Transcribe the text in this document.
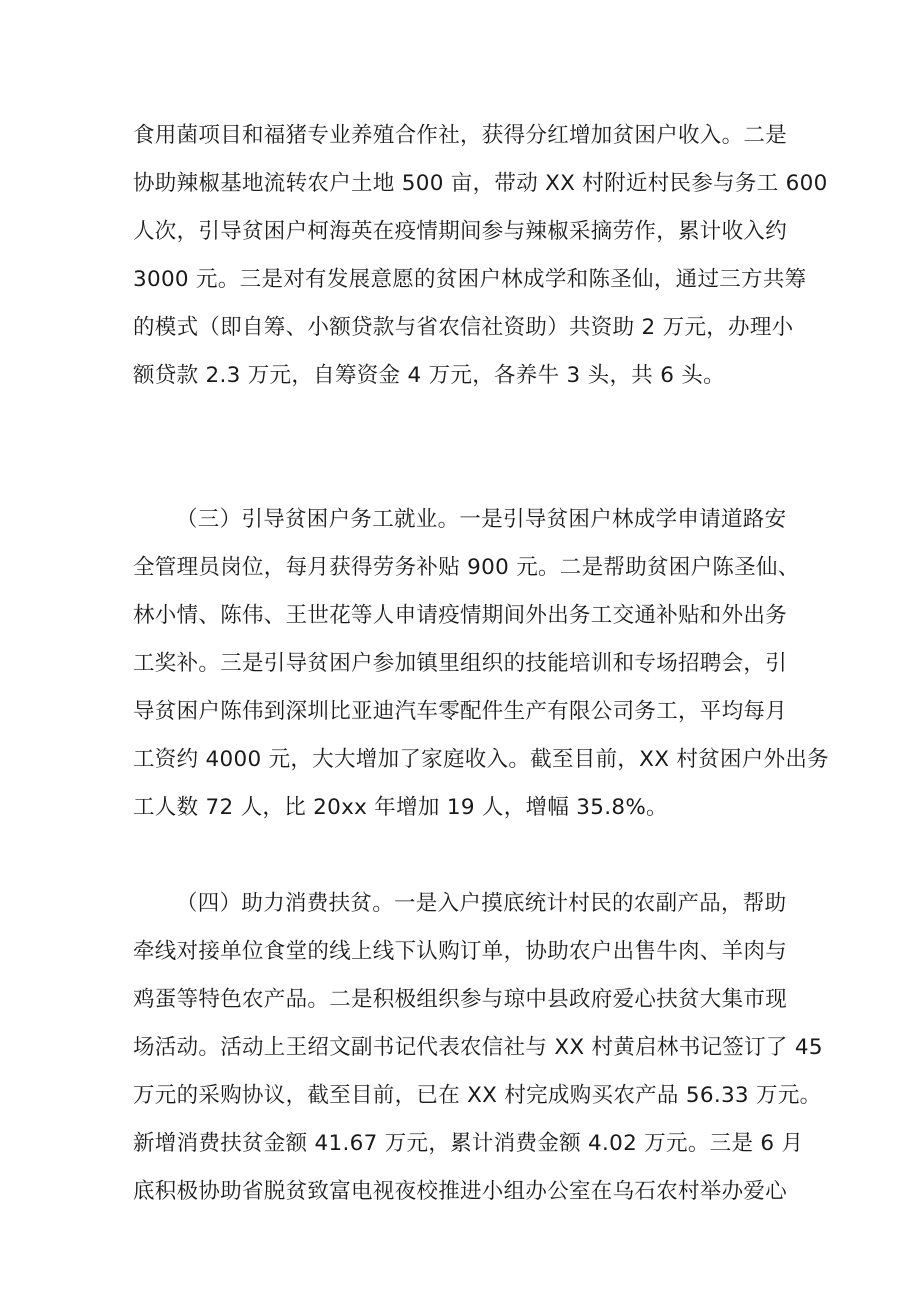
食用菌项目和福猪专业养殖合作社，获得分红增加贫困户收入。二是
协助辣椒基地流转农户土地 500 亩，带动 XX 村附近村民参与务工 600
人次，引导贫困户柯海英在疫情期间参与辣椒采摘劳作，累计收入约
3000 元。三是对有发展意愿的贫困户林成学和陈圣仙，通过三方共筹
的模式（即自筹、小额贷款与省农信社资助）共资助 2 万元，办理小
额贷款 2.3 万元，自筹资金 4 万元，各养牛 3 头，共 6 头。
（三）引导贫困户务工就业。一是引导贫困户林成学申请道路安
全管理员岗位，每月获得劳务补贴 900 元。二是帮助贫困户陈圣仙、
林小情、陈伟、王世花等人申请疫情期间外出务工交通补贴和外出务
工奖补。三是引导贫困户参加镇里组织的技能培训和专场招聘会，引
导贫困户陈伟到深圳比亚迪汽车零配件生产有限公司务工，平均每月
工资约 4000 元，大大增加了家庭收入。截至目前，XX 村贫困户外出务
工人数 72 人，比 20xx 年增加 19 人，增幅 35.8%。
（四）助力消费扶贫。一是入户摸底统计村民的农副产品，帮助
牵线对接单位食堂的线上线下认购订单，协助农户出售牛肉、羊肉与
鸡蛋等特色农产品。二是积极组织参与琼中县政府爱心扶贫大集市现
场活动。活动上王绍文副书记代表农信社与 XX 村黄启林书记签订了 45
万元的采购协议，截至目前，已在 XX 村完成购买农产品 56.33 万元。
新增消费扶贫金额 41.67 万元，累计消费金额 4.02 万元。三是 6 月
底积极协助省脱贫致富电视夜校推进小组办公室在乌石农村举办爱心
